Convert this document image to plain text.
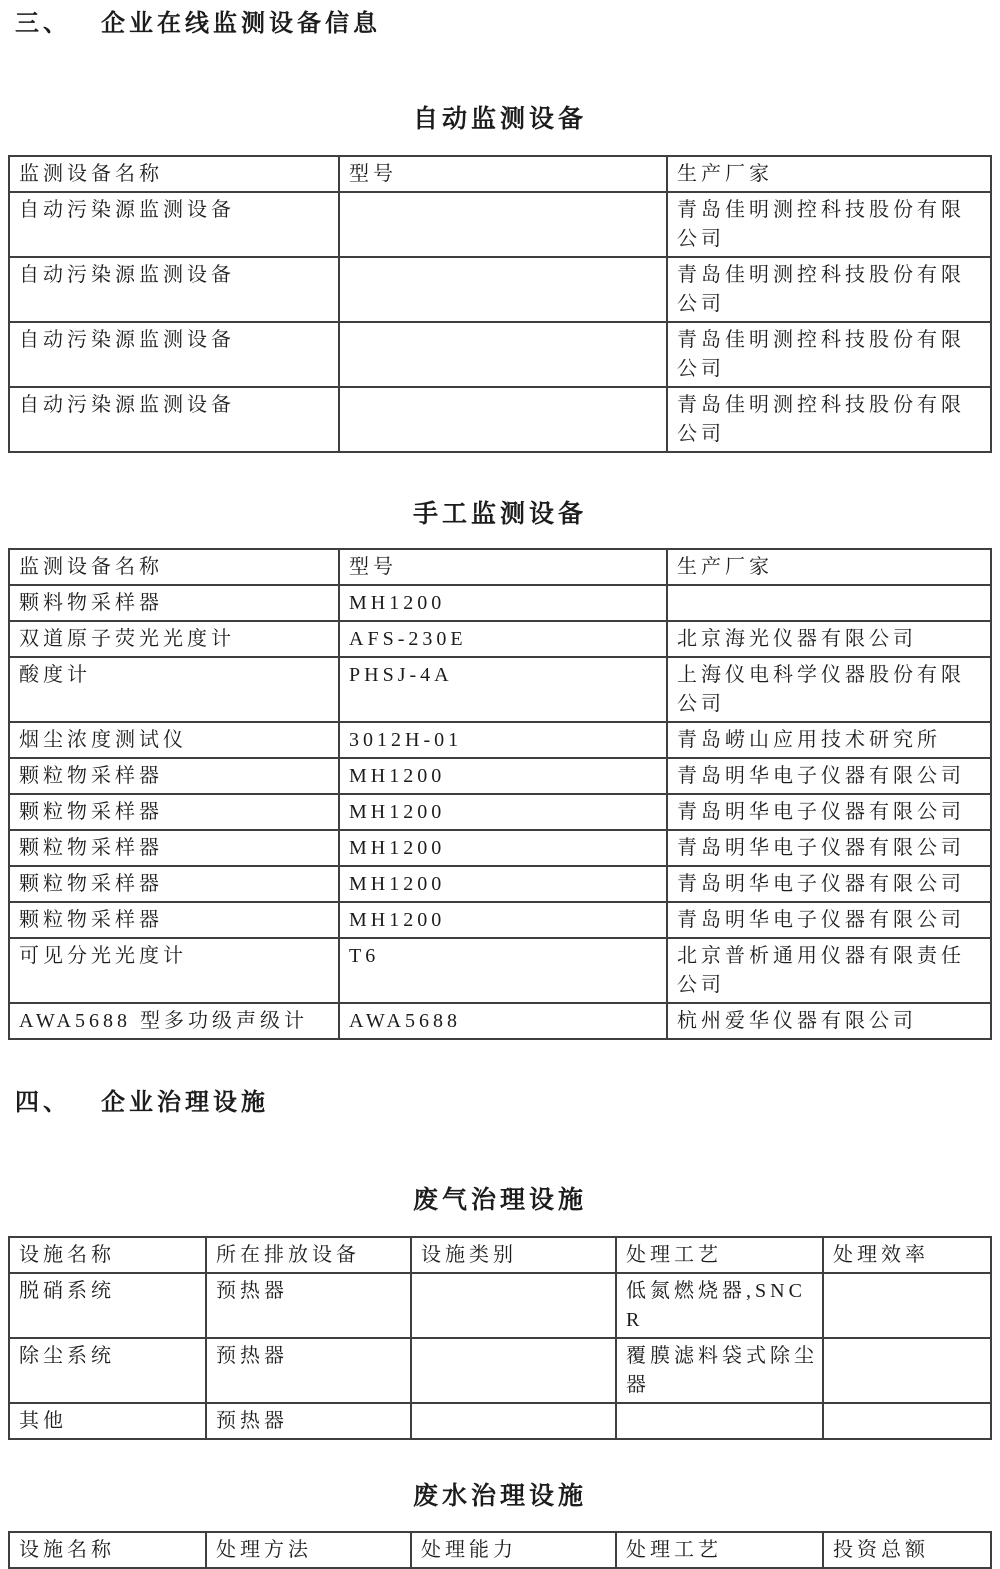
三、 企业在线监测设备信息
自动监测设备
监测设备名称	型号	生产厂家
自动污染源监测设备		青岛佳明测控科技股份有限公司
自动污染源监测设备		青岛佳明测控科技股份有限公司
自动污染源监测设备		青岛佳明测控科技股份有限公司
自动污染源监测设备		青岛佳明测控科技股份有限公司
手工监测设备
监测设备名称	型号	生产厂家
颗料物采样器	MH1200	
双道原子荧光光度计	AFS-230E	北京海光仪器有限公司
酸度计	PHSJ-4A	上海仪电科学仪器股份有限公司
烟尘浓度测试仪	3012H-01	青岛崂山应用技术研究所
颗粒物采样器	MH1200	青岛明华电子仪器有限公司
颗粒物采样器	MH1200	青岛明华电子仪器有限公司
颗粒物采样器	MH1200	青岛明华电子仪器有限公司
颗粒物采样器	MH1200	青岛明华电子仪器有限公司
颗粒物采样器	MH1200	青岛明华电子仪器有限公司
可见分光光度计	T6	北京普析通用仪器有限责任公司
AWA5688 型多功级声级计	AWA5688	杭州爱华仪器有限公司
四、 企业治理设施
废气治理设施
设施名称	所在排放设备	设施类别	处理工艺	处理效率
脱硝系统	预热器		低氮燃烧器,SNCR	
除尘系统	预热器		覆膜滤料袋式除尘器	
其他	预热器			
废水治理设施
设施名称	处理方法	处理能力	处理工艺	投资总额
